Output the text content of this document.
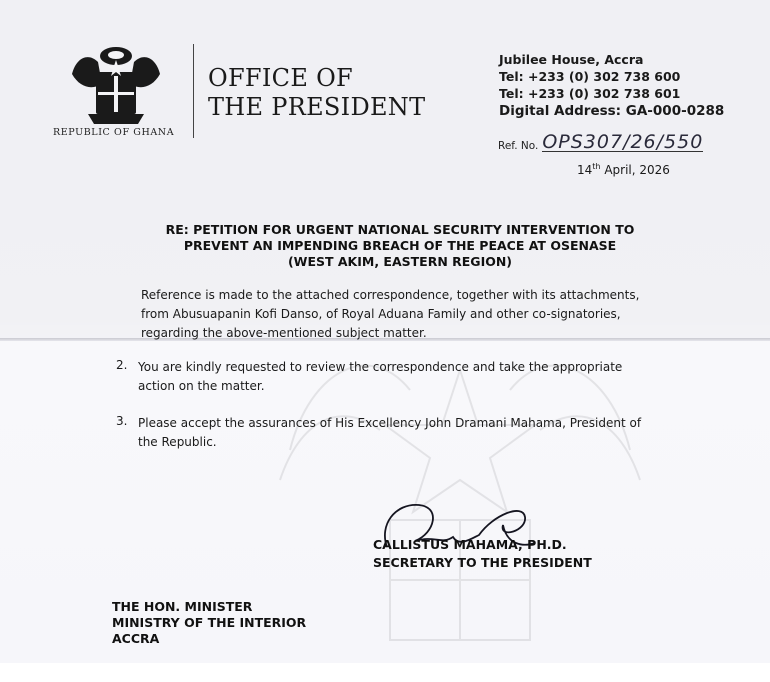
REPUBLIC OF GHANA
OFFICE OF
THE PRESIDENT
Jubilee House, Accra
Tel: +233 (0) 302 738 600
Tel: +233 (0) 302 738 601
Digital Address: GA-000-0288
Ref. No. OPS307/26/550
14th April, 2026
RE: PETITION FOR URGENT NATIONAL SECURITY INTERVENTION TO
PREVENT AN IMPENDING BREACH OF THE PEACE AT OSENASE
(WEST AKIM, EASTERN REGION)
Reference is made to the attached correspondence, together with its attachments, from Abusuapanin Kofi Danso, of Royal Aduana Family and other co-signatories, regarding the above-mentioned subject matter.
2. You are kindly requested to review the correspondence and take the appropriate action on the matter.
3. Please accept the assurances of His Excellency John Dramani Mahama, President of the Republic.
CALLISTUS MAHAMA, PH.D.
SECRETARY TO THE PRESIDENT
THE HON. MINISTER
MINISTRY OF THE INTERIOR
ACCRA
